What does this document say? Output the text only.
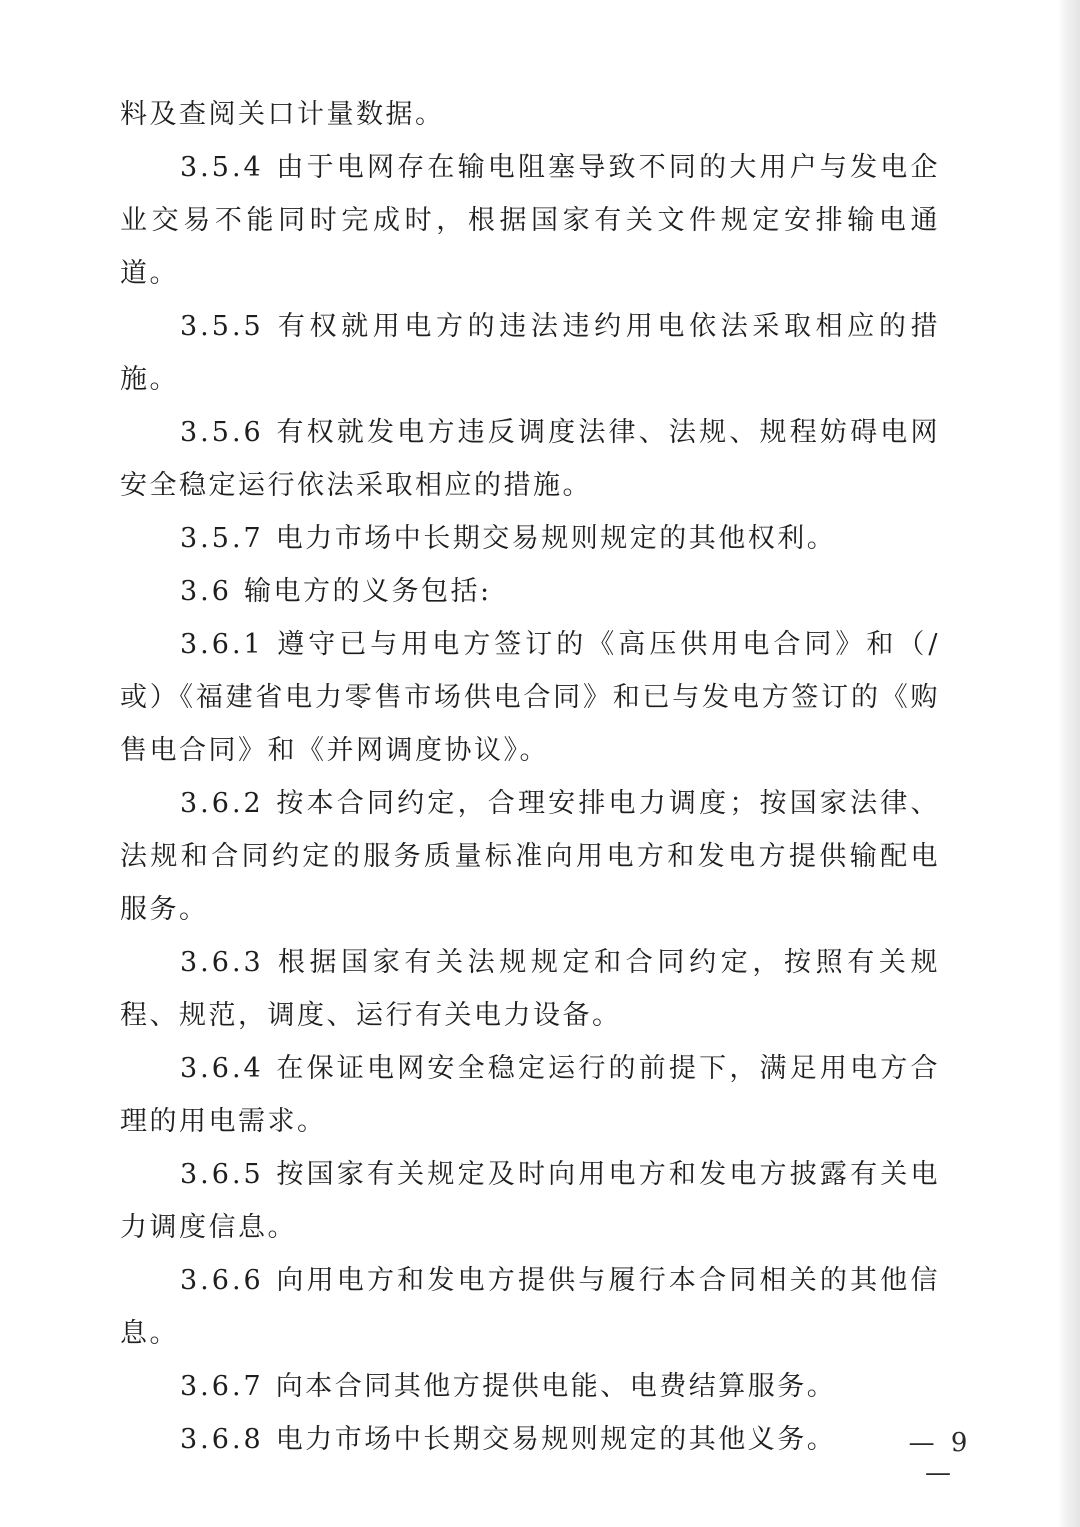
料及查阅关口计量数据。

3.5.4 由于电网存在输电阻塞导致不同的大用户与发电企业交易不能同时完成时，根据国家有关文件规定安排输电通道。

3.5.5 有权就用电方的违法违约用电依法采取相应的措施。

3.5.6 有权就发电方违反调度法律、法规、规程妨碍电网安全稳定运行依法采取相应的措施。

3.5.7 电力市场中长期交易规则规定的其他权利。

3.6 输电方的义务包括:

3.6.1 遵守已与用电方签订的《高压供用电合同》和（/或）《福建省电力零售市场供电合同》和已与发电方签订的《购售电合同》和《并网调度协议》。

3.6.2 按本合同约定，合理安排电力调度；按国家法律、法规和合同约定的服务质量标准向用电方和发电方提供输配电服务。

3.6.3 根据国家有关法规规定和合同约定，按照有关规程、规范，调度、运行有关电力设备。

3.6.4 在保证电网安全稳定运行的前提下，满足用电方合理的用电需求。

3.6.5 按国家有关规定及时向用电方和发电方披露有关电力调度信息。

3.6.6 向用电方和发电方提供与履行本合同相关的其他信息。

3.6.7 向本合同其他方提供电能、电费结算服务。

3.6.8 电力市场中长期交易规则规定的其他义务。	— 9 —
